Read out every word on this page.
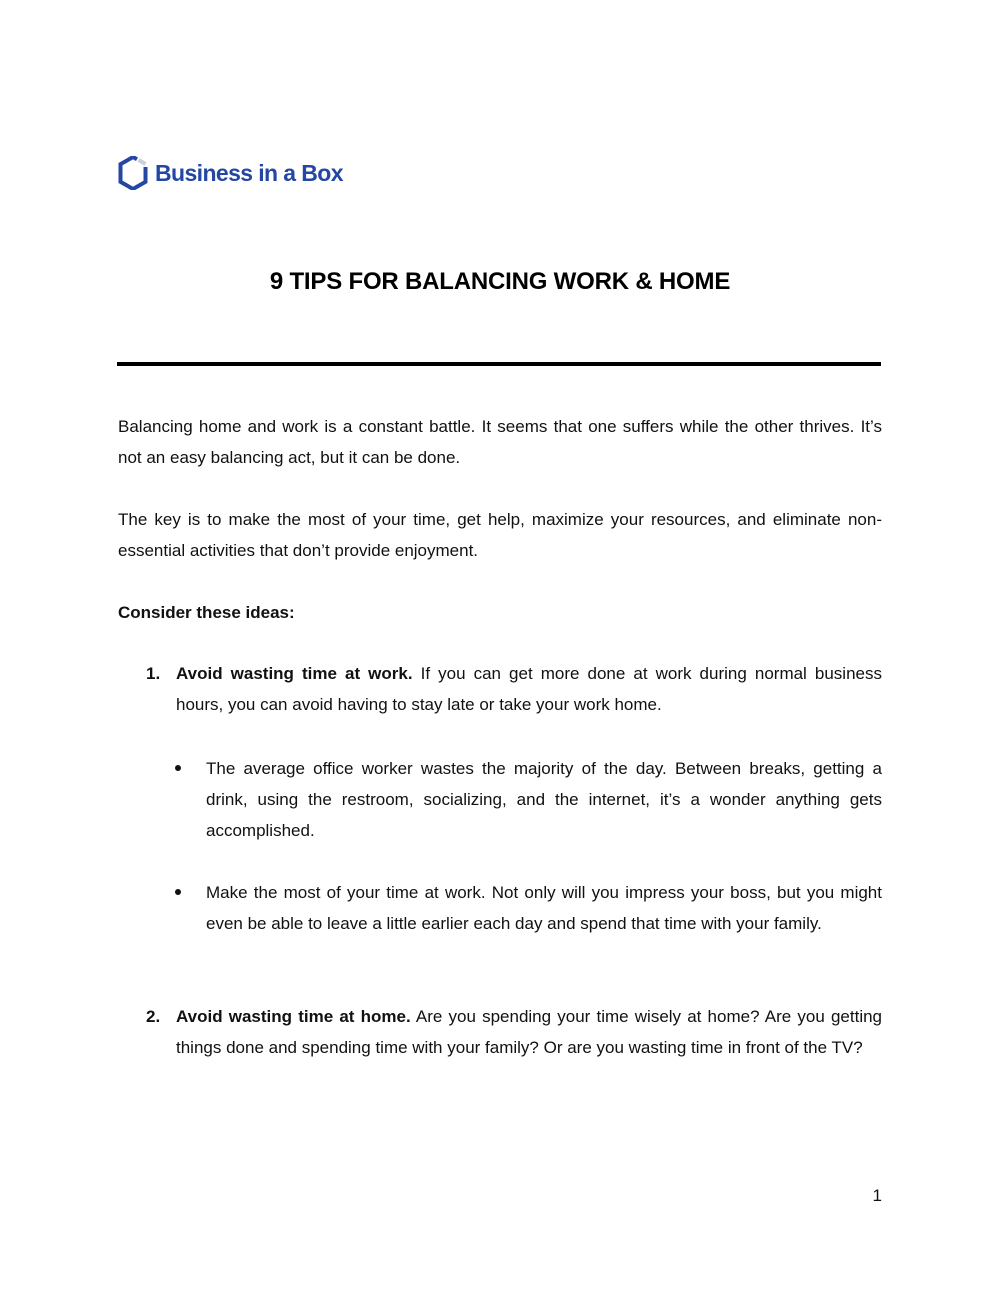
Business in a Box
9 TIPS FOR BALANCING WORK & HOME
Balancing home and work is a constant battle. It seems that one suffers while the other thrives. It’s not an easy balancing act, but it can be done.
The key is to make the most of your time, get help, maximize your resources, and eliminate non-essential activities that don’t provide enjoyment.
Consider these ideas:
1. Avoid wasting time at work. If you can get more done at work during normal business hours, you can avoid having to stay late or take your work home.
The average office worker wastes the majority of the day. Between breaks, getting a drink, using the restroom, socializing, and the internet, it’s a wonder anything gets accomplished.
Make the most of your time at work. Not only will you impress your boss, but you might even be able to leave a little earlier each day and spend that time with your family.
2. Avoid wasting time at home. Are you spending your time wisely at home? Are you getting things done and spending time with your family? Or are you wasting time in front of the TV?
1
